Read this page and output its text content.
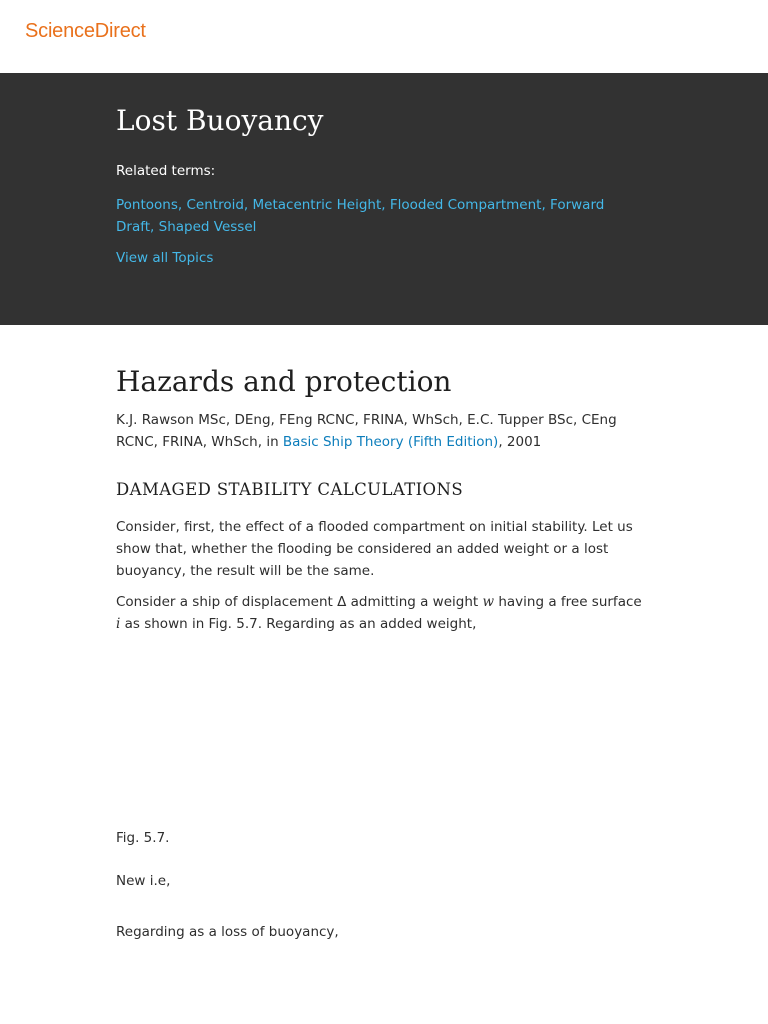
ScienceDirect
Lost Buoyancy
Related terms:
Pontoons, Centroid, Metacentric Height, Flooded Compartment, Forward Draft, Shaped Vessel
View all Topics
Hazards and protection
K.J. Rawson MSc, DEng, FEng RCNC, FRINA, WhSch, E.C. Tupper BSc, CEng RCNC, FRINA, WhSch, in Basic Ship Theory (Fifth Edition), 2001
DAMAGED STABILITY CALCULATIONS

Consider, first, the effect of a flooded compartment on initial stability. Let us show that, whether the flooding be considered an added weight or a lost buoyancy, the result will be the same.

Consider a ship of displacement Δ admitting a weight w having a free surface i as shown in Fig. 5.7. Regarding as an added weight,

Fig. 5.7.

New i.e,

Regarding as a loss of buoyancy,
